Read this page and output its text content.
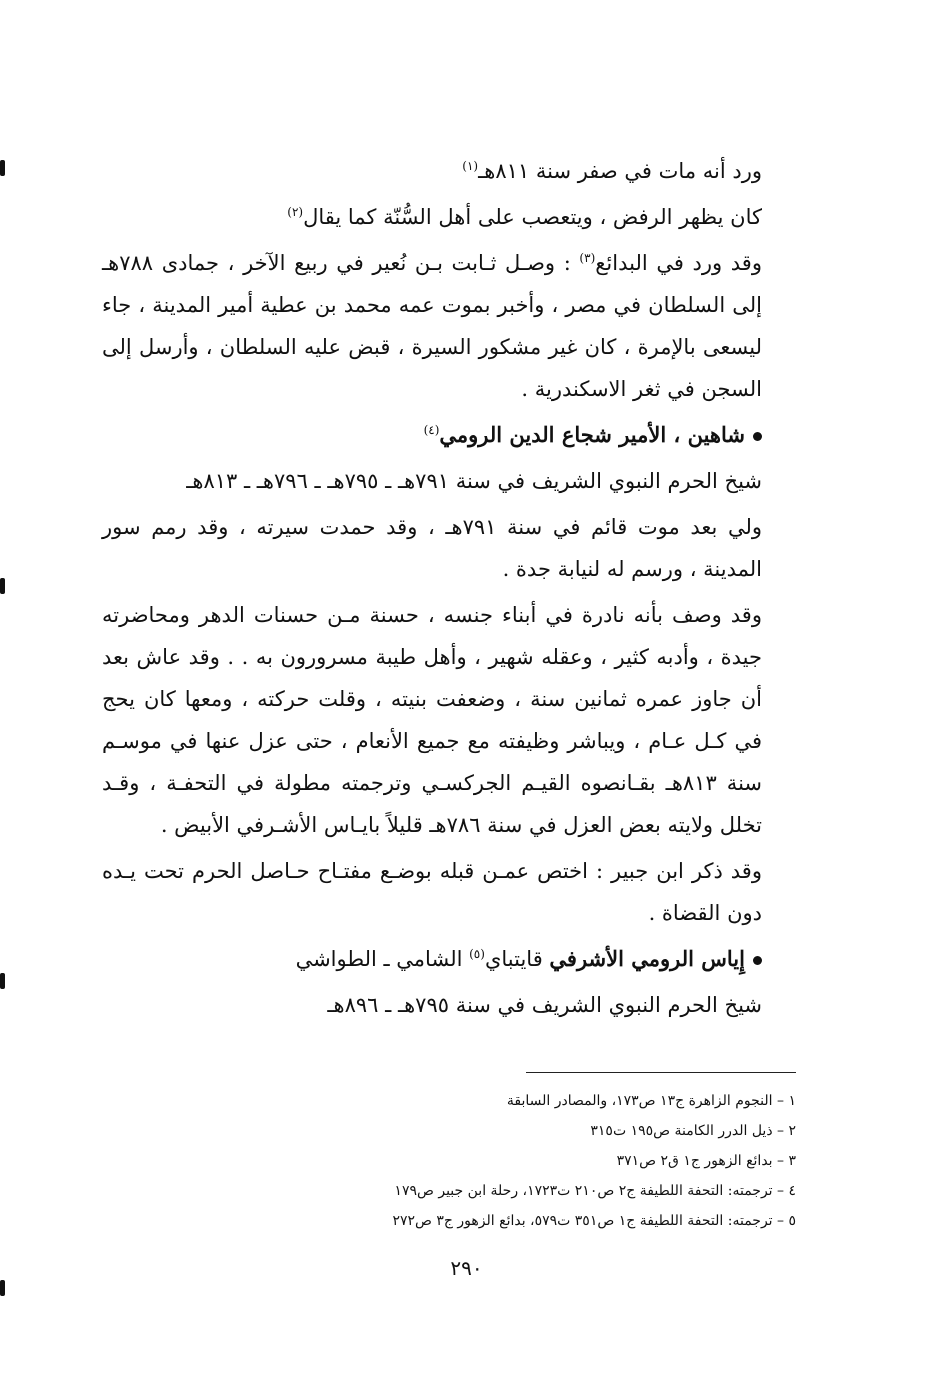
ورد أنه مات في صفر سنة ٨١١هـ$^{(١)}$

كان يظهر الرفض ، ويتعصب على أهل السُّنّة كما يقال$^{(٢)}$

وقد ورد في البدائع$^{(٣)}$ : وصـل ثـابت بـن نُعير في ربيع الآخر ، جمادى ٧٨٨هـ إلى السلطان في مصر ، وأخبر بموت عمه محمد بن عطية أمير المدينة ، جاء ليسعى بالإمرة ، كان غير مشكور السيرة ، قبض عليه السلطان ، وأرسل إلى السجن في ثغر الاسكندرية .

شاهين ، الأمير شجاع الدين الرومي$^{(٤)}$

شيخ الحرم النبوي الشريف في سنة ٧٩١هـ ـ ٧٩٥هـ ـ ٧٩٦هـ ـ ٨١٣هـ

ولي بعد موت قائم في سنة ٧٩١هـ ، وقد حمدت سيرته ، وقد رمم سور المدينة ، ورسم له لنيابة جدة .

وقد وصف بأنه نادرة في أبناء جنسه ، حسنة مـن حسنات الدهر ومحاضرته جيدة ، وأدبه كثير ، وعقله شهير ، وأهل طيبة مسرورون به . . وقد عاش بعد أن جاوز عمره ثمانين سنة ، وضعفت بنيته ، وقلت حركته ، ومعها كان يحج في كـل عـام ، ويباشر وظيفته مع جميع الأنعام ، حتى عزل عنها في موسـم سنة ٨١٣هـ بقـانصوه القيـم الجركسـي وترجمته مطولة في التحفـة ، وقـد تخلل ولايته بعض العزل في سنة ٧٨٦هـ قليلاً بايـاس الأشـرفي الأبيض .

وقد ذكر ابن جبير : اختص عمـن قبله بوضـع مفتـاح حـاصل الحرم تحت يـده دون القضاة .

إِياس الرومي الأشرفي قايتباي$^{(٥)}$ الشامي ـ الطواشي

شيخ الحرم النبوي الشريف في سنة ٧٩٥هـ ـ ٨٩٦هـ

١ – النجوم الزاهرة ج١٣ ص١٧٣، والمصادر السابقة
٢ – ذيل الدرر الكامنة ص١٩٥ ت٣١٥
٣ – بدائع الزهور ج١ ق٢ ص٣٧١
٤ – ترجمته: التحفة اللطيفة ج٢ ص٢١٠ ت١٧٢٣، رحلة ابن جبير ص١٧٩
٥ – ترجمته: التحفة اللطيفة ج١ ص٣٥١ ت٥٧٩، بدائع الزهور ج٣ ص٢٧٢
٢٩٠
